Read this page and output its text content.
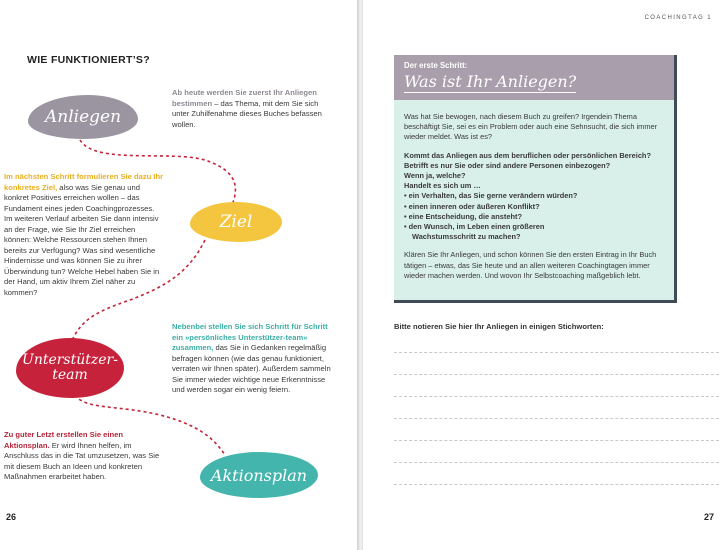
WIE FUNKTIONIERT’S?
Anliegen
Ab heute werden Sie zuerst Ihr Anliegen bestimmen – das Thema, mit dem Sie sich unter Zuhilfenahme dieses Buches befassen wollen.
Im nächsten Schritt formulieren Sie dazu Ihr konkretes Ziel, also was Sie genau und konkret Positives erreichen wollen – das Fundament eines jeden Coachingprozesses. Im weiteren Verlauf arbeiten Sie dann intensiv an der Frage, wie Sie Ihr Ziel erreichen können: Welche Ressourcen stehen Ihnen bereits zur Verfügung? Was sind wesentliche Hindernisse und was können Sie zu ihrer Überwindung tun? Welche Hebel haben Sie in der Hand, um aktiv Ihrem Ziel näher zu kommen?
Ziel
Unterstützer-
team
Nebenbei stellen Sie sich Schritt für Schritt ein »persönliches Unterstützer-team« zusammen, das Sie in Gedanken regelmäßig befragen können (wie das genau funktioniert, verraten wir Ihnen später). Außerdem sammeln Sie immer wieder wichtige neue Erkenntnisse und werden sogar ein wenig feiern.
Zu guter Letzt erstellen Sie einen Aktionsplan. Er wird Ihnen helfen, im Anschluss das in die Tat umzusetzen, was Sie mit diesem Buch an Ideen und konkreten Maßnahmen erarbeitet haben.	Aktionsplan
26
COACHINGTAG 1
Der erste Schritt:
Was ist Ihr Anliegen?

Was hat Sie bewogen, nach diesem Buch zu greifen? Irgendein Thema beschäftigt Sie, sei es ein Problem oder auch eine Sehnsucht, die sich immer wieder meldet. Was ist es?

Kommt das Anliegen aus dem beruflichen oder persönlichen Bereich?
Betrifft es nur Sie oder sind andere Personen einbezogen?
Wenn ja, welche?
Handelt es sich um …
• ein Verhalten, das Sie gerne verändern würden?
• einen inneren oder äußeren Konflikt?
• eine Entscheidung, die ansteht?
• den Wunsch, im Leben einen größeren
Wachstumsschritt zu machen?

Klären Sie Ihr Anliegen, und schon können Sie den ersten Eintrag in Ihr Buch tätigen – etwas, das Sie heute und an allen weiteren Coachingtagen immer wieder machen werden. Und wovon Ihr Selbstcoaching maßgeblich lebt.

Bitte notieren Sie hier Ihr Anliegen in einigen Stichworten:
27
